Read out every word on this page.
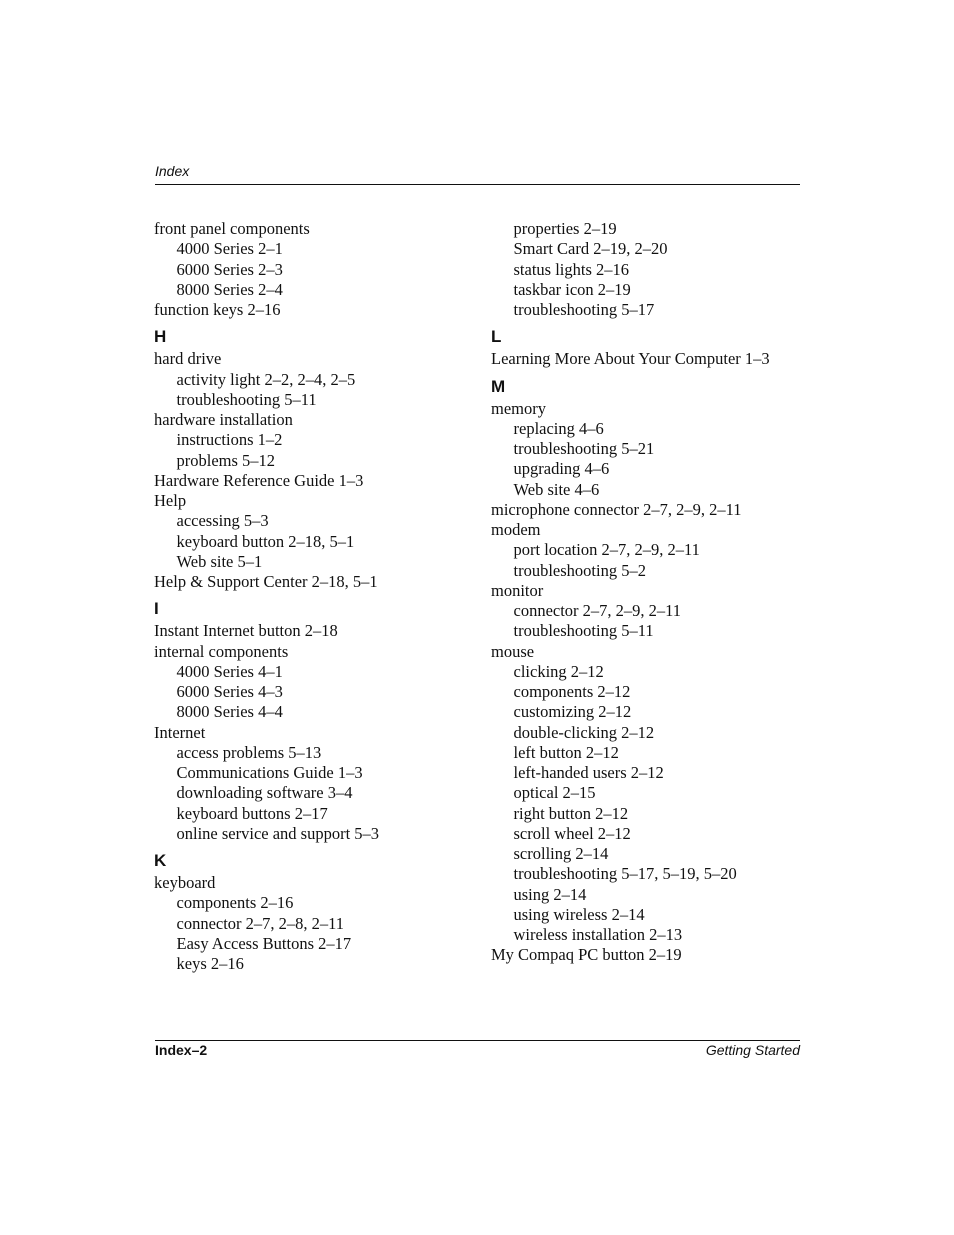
Index
front panel components
4000 Series 2–1
6000 Series 2–3
8000 Series 2–4
function keys 2–16
H
hard drive
activity light 2–2, 2–4, 2–5
troubleshooting 5–11
hardware installation
instructions 1–2
problems 5–12
Hardware Reference Guide 1–3
Help
accessing 5–3
keyboard button 2–18, 5–1
Web site 5–1
Help & Support Center 2–18, 5–1
I
Instant Internet button 2–18
internal components
4000 Series 4–1
6000 Series 4–3
8000 Series 4–4
Internet
access problems 5–13
Communications Guide 1–3
downloading software 3–4
keyboard buttons 2–17
online service and support 5–3
K
keyboard
components 2–16
connector 2–7, 2–8, 2–11
Easy Access Buttons 2–17
keys 2–16
properties 2–19
Smart Card 2–19, 2–20
status lights 2–16
taskbar icon 2–19
troubleshooting 5–17
L
Learning More About Your Computer 1–3
M
memory
replacing 4–6
troubleshooting 5–21
upgrading 4–6
Web site 4–6
microphone connector 2–7, 2–9, 2–11
modem
port location 2–7, 2–9, 2–11
troubleshooting 5–2
monitor
connector 2–7, 2–9, 2–11
troubleshooting 5–11
mouse
clicking 2–12
components 2–12
customizing 2–12
double-clicking 2–12
left button 2–12
left-handed users 2–12
optical 2–15
right button 2–12
scroll wheel 2–12
scrolling 2–14
troubleshooting 5–17, 5–19, 5–20
using 2–14
using wireless 2–14
wireless installation 2–13
My Compaq PC button 2–19
Index–2	Getting Started
